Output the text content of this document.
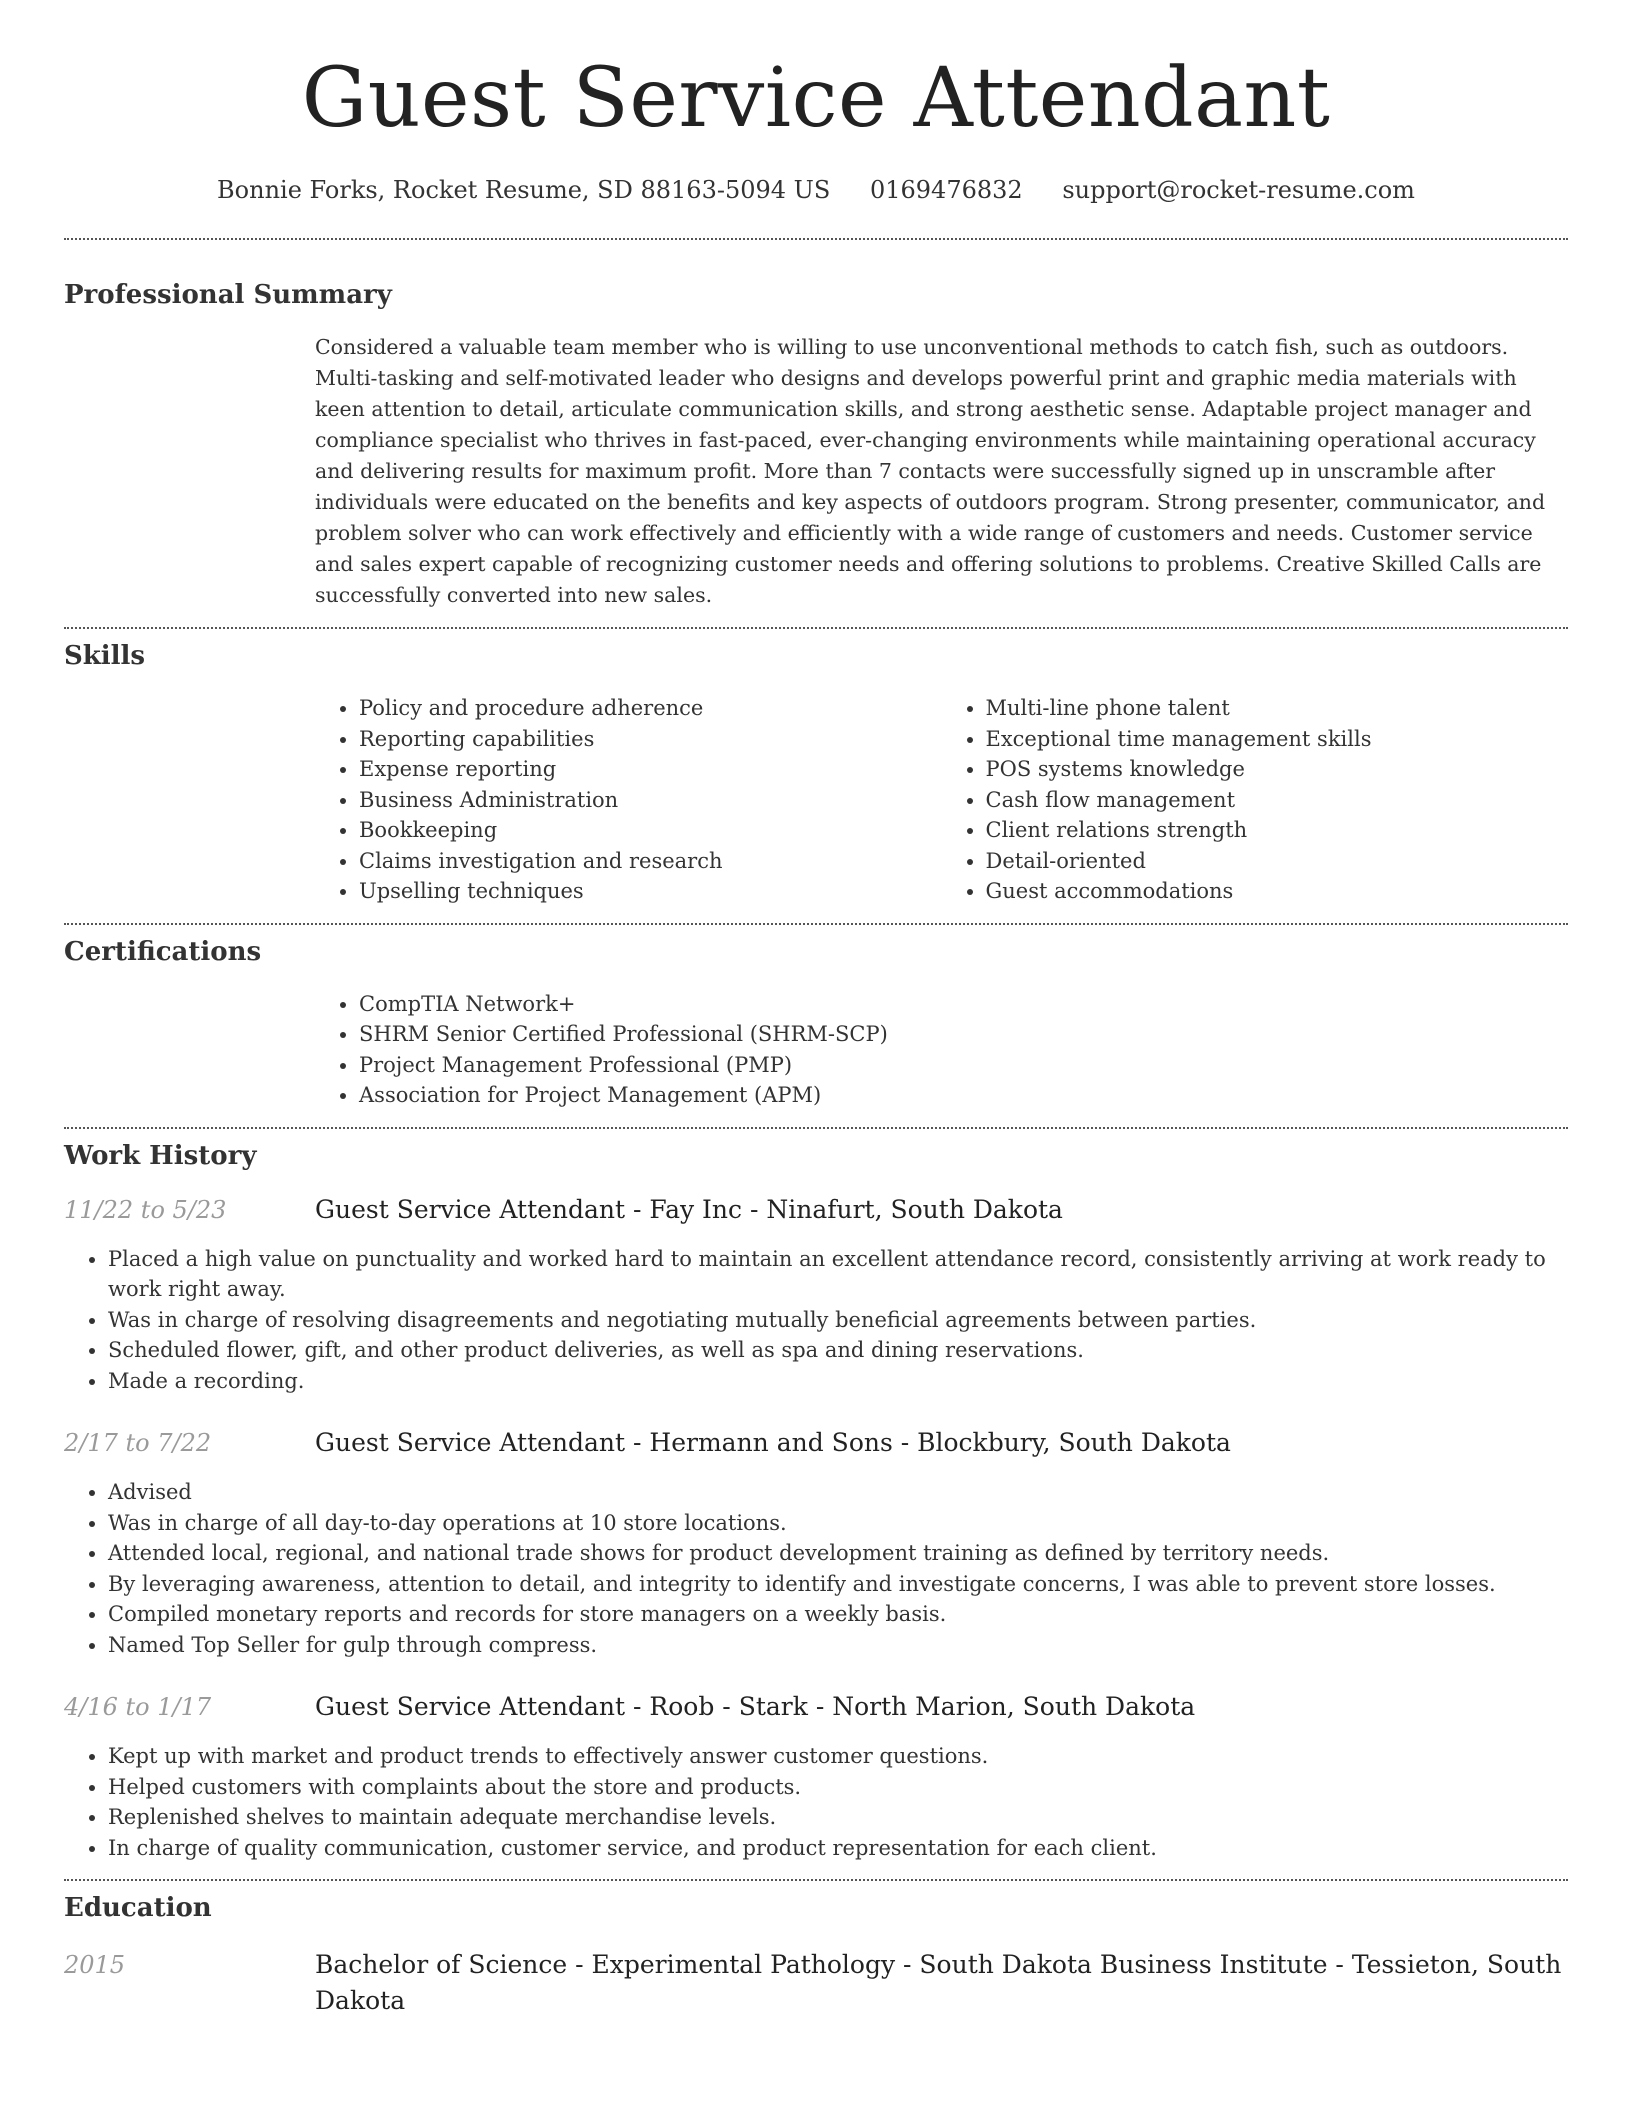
Guest Service Attendant
Bonnie Forks, Rocket Resume, SD 88163-5094 US 0169476832 support@rocket-resume.com
Professional Summary
Considered a valuable team member who is willing to use unconventional methods to catch fish, such as outdoors. Multi-tasking and self-motivated leader who designs and develops powerful print and graphic media materials with keen attention to detail, articulate communication skills, and strong aesthetic sense. Adaptable project manager and compliance specialist who thrives in fast-paced, ever-changing environments while maintaining operational accuracy and delivering results for maximum profit. More than 7 contacts were successfully signed up in unscramble after individuals were educated on the benefits and key aspects of outdoors program. Strong presenter, communicator, and problem solver who can work effectively and efficiently with a wide range of customers and needs. Customer service and sales expert capable of recognizing customer needs and offering solutions to problems. Creative Skilled Calls are successfully converted into new sales.
Skills
• Policy and procedure adherence
• Reporting capabilities
• Expense reporting
• Business Administration
• Bookkeeping
• Claims investigation and research
• Upselling techniques
• Multi-line phone talent
• Exceptional time management skills
• POS systems knowledge
• Cash flow management
• Client relations strength
• Detail-oriented
• Guest accommodations
Certifications
• CompTIA Network+
• SHRM Senior Certified Professional (SHRM-SCP)
• Project Management Professional (PMP)
• Association for Project Management (APM)
Work History
11/22 to 5/23	Guest Service Attendant - Fay Inc - Ninafurt, South Dakota
• Placed a high value on punctuality and worked hard to maintain an excellent attendance record, consistently arriving at work ready to work right away.
• Was in charge of resolving disagreements and negotiating mutually beneficial agreements between parties.
• Scheduled flower, gift, and other product deliveries, as well as spa and dining reservations.
• Made a recording.
2/17 to 7/22	Guest Service Attendant - Hermann and Sons - Blockbury, South Dakota
• Advised
• Was in charge of all day-to-day operations at 10 store locations.
• Attended local, regional, and national trade shows for product development training as defined by territory needs.
• By leveraging awareness, attention to detail, and integrity to identify and investigate concerns, I was able to prevent store losses.
• Compiled monetary reports and records for store managers on a weekly basis.
• Named Top Seller for gulp through compress.
4/16 to 1/17	Guest Service Attendant - Roob - Stark - North Marion, South Dakota
• Kept up with market and product trends to effectively answer customer questions.
• Helped customers with complaints about the store and products.
• Replenished shelves to maintain adequate merchandise levels.
• In charge of quality communication, customer service, and product representation for each client.
Education
2015	Bachelor of Science - Experimental Pathology - South Dakota Business Institute - Tessieton, South Dakota
